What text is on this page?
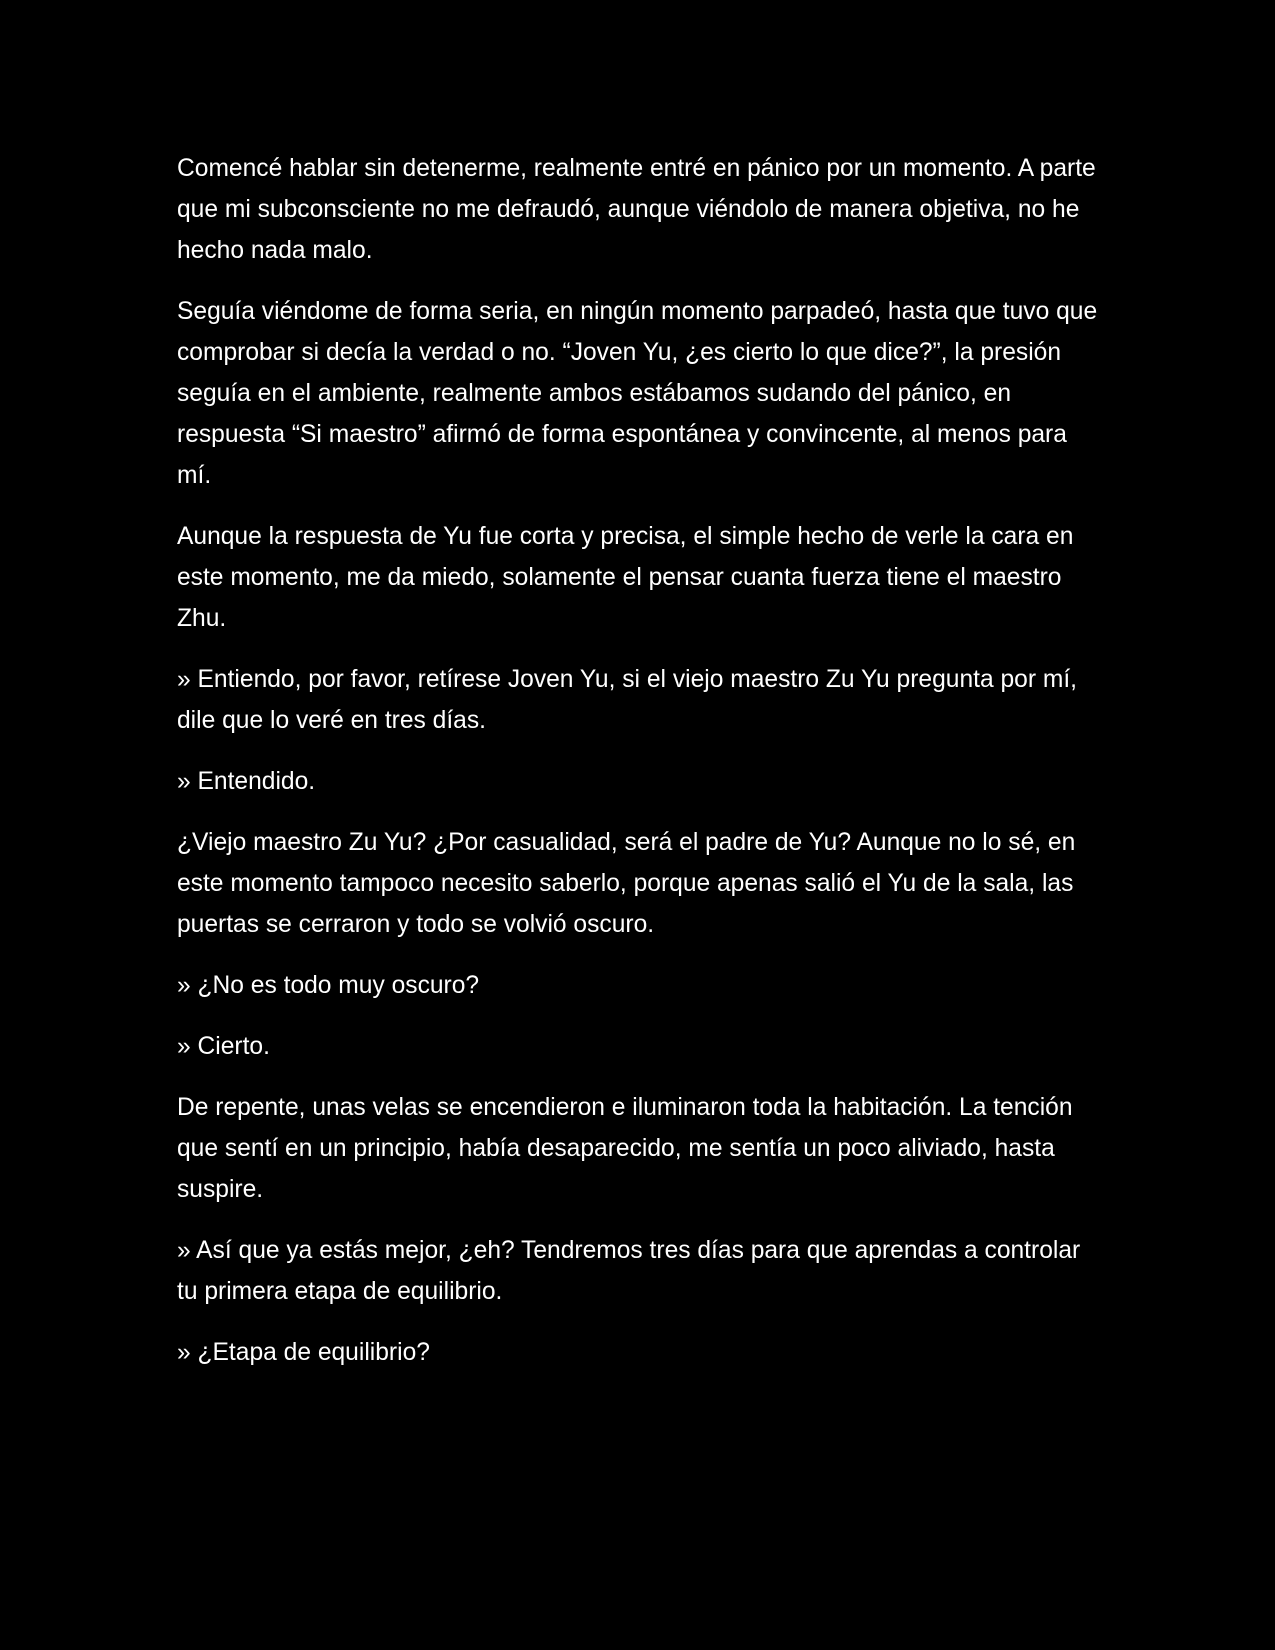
Comencé hablar sin detenerme, realmente entré en pánico por un momento. A parte que mi subconsciente no me defraudó, aunque viéndolo de manera objetiva, no he hecho nada malo.

Seguía viéndome de forma seria, en ningún momento parpadeó, hasta que tuvo que comprobar si decía la verdad o no. “Joven Yu, ¿es cierto lo que dice?”, la presión seguía en el ambiente, realmente ambos estábamos sudando del pánico, en respuesta “Si maestro” afirmó de forma espontánea y convincente, al menos para mí.

Aunque la respuesta de Yu fue corta y precisa, el simple hecho de verle la cara en este momento, me da miedo, solamente el pensar cuanta fuerza tiene el maestro Zhu.

» Entiendo, por favor, retírese Joven Yu, si el viejo maestro Zu Yu pregunta por mí, dile que lo veré en tres días.

» Entendido.

¿Viejo maestro Zu Yu? ¿Por casualidad, será el padre de Yu? Aunque no lo sé, en este momento tampoco necesito saberlo, porque apenas salió el Yu de la sala, las puertas se cerraron y todo se volvió oscuro.

» ¿No es todo muy oscuro?

» Cierto.

De repente, unas velas se encendieron e iluminaron toda la habitación. La tención que sentí en un principio, había desaparecido, me sentía un poco aliviado, hasta suspire.

» Así que ya estás mejor, ¿eh? Tendremos tres días para que aprendas a controlar tu primera etapa de equilibrio.

» ¿Etapa de equilibrio?
